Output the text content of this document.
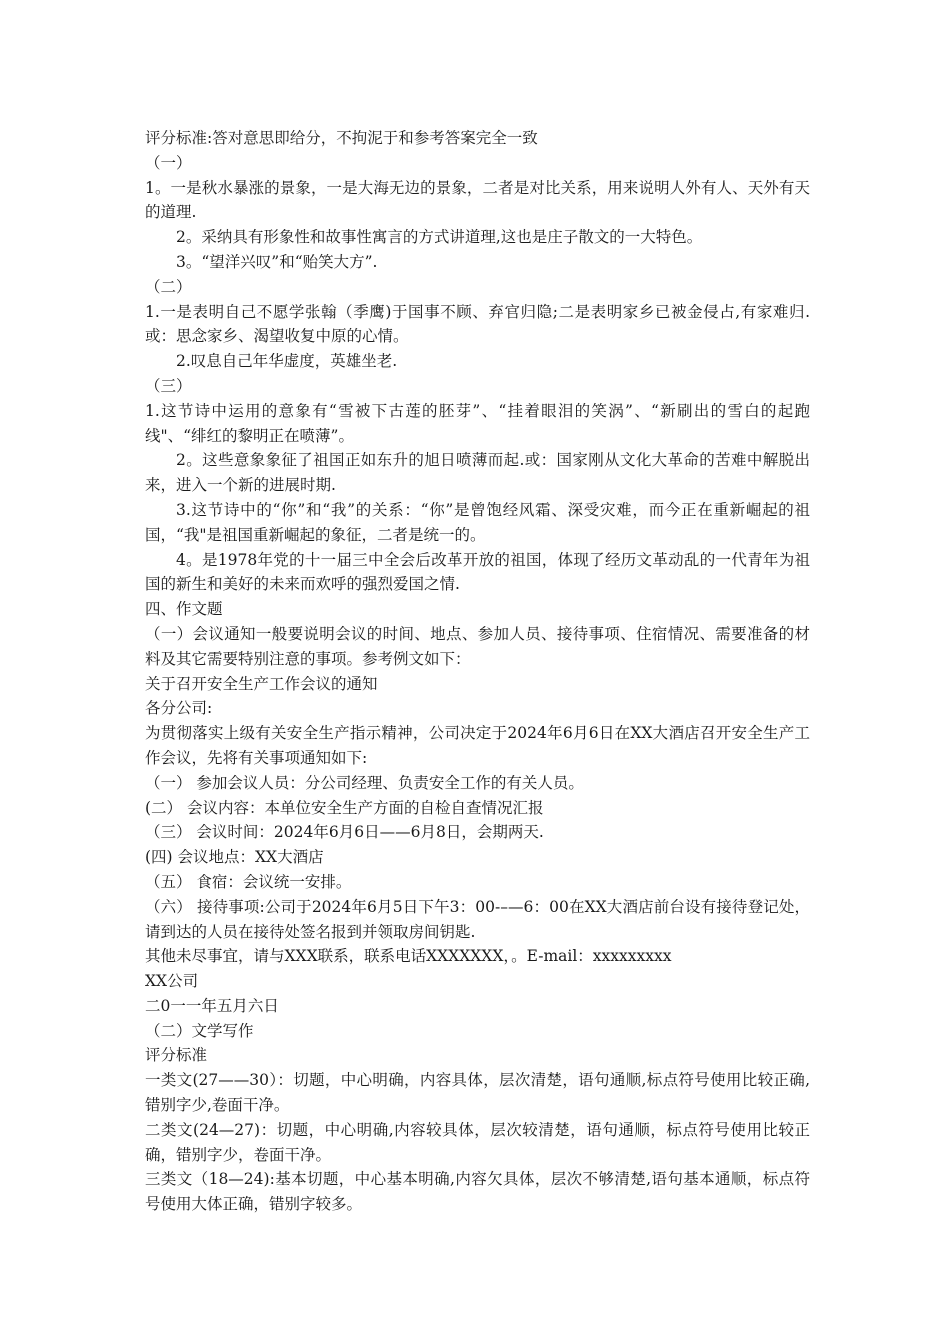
评分标准:答对意思即给分，不拘泥于和参考答案完全一致

（一）

1。一是秋水暴涨的景象，一是大海无边的景象，二者是对比关系，用来说明人外有人、天外有天的道理.

2。采纳具有形象性和故事性寓言的方式讲道理,这也是庄子散文的一大特色。

3。“望洋兴叹”和“贻笑大方”.

（二）

1.一是表明自己不愿学张翰（季鹰)于国事不顾、弃官归隐;二是表明家乡已被金侵占,有家难归.或：思念家乡、渴望收复中原的心情。

2.叹息自己年华虚度，英雄坐老.

（三）

1.这节诗中运用的意象有“雪被下古莲的胚芽”、“挂着眼泪的笑涡”、“新刷出的雪白的起跑线"、“绯红的黎明正在喷薄”。

2。这些意象象征了祖国正如东升的旭日喷薄而起.或：国家刚从文化大革命的苦难中解脱出来，进入一个新的进展时期.

3.这节诗中的“你”和“我”的关系：“你”是曾饱经风霜、深受灾难，而今正在重新崛起的祖国，“我"是祖国重新崛起的象征，二者是统一的。

4。是1978年党的十一届三中全会后改革开放的祖国，体现了经历文革动乱的一代青年为祖国的新生和美好的未来而欢呼的强烈爱国之情.

四、作文题

（一）会议通知一般要说明会议的时间、地点、参加人员、接待事项、住宿情况、需要准备的材料及其它需要特别注意的事项。参考例文如下：

关于召开安全生产工作会议的通知

各分公司:

为贯彻落实上级有关安全生产指示精神，公司决定于2024年6月6日在XX大酒店召开安全生产工作会议，先将有关事项通知如下:

（一） 参加会议人员：分公司经理、负责安全工作的有关人员。

(二） 会议内容：本单位安全生产方面的自检自查情况汇报

（三） 会议时间：2024年6月6日——6月8日，会期两天.

(四) 会议地点：XX大酒店

（五） 食宿：会议统一安排。

（六） 接待事项:公司于2024年6月5日下午3：00-–—6：00在XX大酒店前台设有接待登记处，请到达的人员在接待处签名报到并领取房间钥匙.

其他未尽事宜，请与XXX联系，联系电话XXXXXXX，。E-mail：xxxxxxxxx

XX公司

二0一一年五月六日

（二）文学写作

评分标准

一类文(27——30）：切题，中心明确，内容具体，层次清楚，语句通顺,标点符号使用比较正确,错别字少,卷面干净。

二类文(24—27)：切题，中心明确,内容较具体，层次较清楚，语句通顺，标点符号使用比较正确，错别字少，卷面干净。

三类文（18—24):基本切题，中心基本明确,内容欠具体，层次不够清楚,语句基本通顺，标点符号使用大体正确，错别字较多。
